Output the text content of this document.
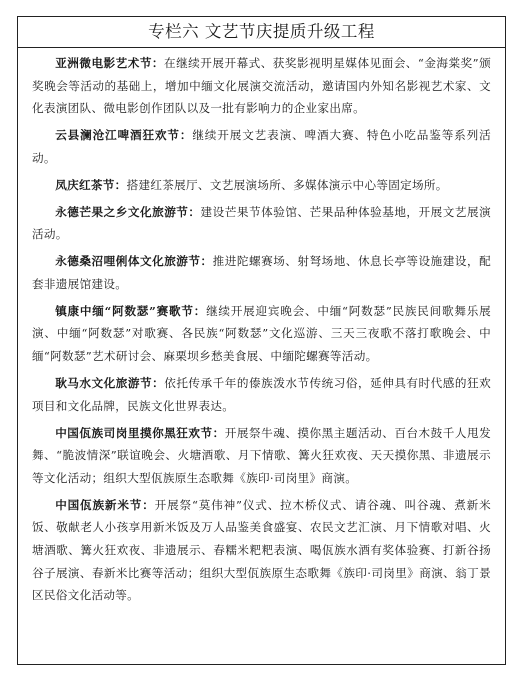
专栏六 文艺节庆提质升级工程

亚洲微电影艺术节：在继续开展开幕式、获奖影视明星媒体见面会、“金海棠奖”颁奖晚会等活动的基础上，增加中缅文化展演交流活动，邀请国内外知名影视艺术家、文化表演团队、微电影创作团队以及一批有影响力的企业家出席。

云县澜沧江啤酒狂欢节：继续开展文艺表演、啤酒大赛、特色小吃品鉴等系列活动。

凤庆红茶节：搭建红茶展厅、文艺展演场所、多媒体演示中心等固定场所。

永德芒果之乡文化旅游节：建设芒果节体验馆、芒果品种体验基地，开展文艺展演活动。

永德桑沼哩俐体文化旅游节：推进陀螺赛场、射弩场地、休息长亭等设施建设，配套非遗展馆建设。

镇康中缅“阿数瑟”赛歌节：继续开展迎宾晚会、中缅“阿数瑟”民族民间歌舞乐展演、中缅“阿数瑟”对歌赛、各民族“阿数瑟”文化巡游、三天三夜歌不落打歌晚会、中缅“阿数瑟”艺术研讨会、麻栗坝乡愁美食展、中缅陀螺赛等活动。

耿马水文化旅游节：依托传承千年的傣族泼水节传统习俗，延伸具有时代感的狂欢项目和文化品牌，民族文化世界表达。

中国佤族司岗里摸你黑狂欢节：开展祭牛魂、摸你黑主题活动、百台木鼓千人甩发舞、“脆波情深”联谊晚会、火塘酒歌、月下情歌、篝火狂欢夜、天天摸你黑、非遗展示等文化活动；组织大型佤族原生态歌舞《族印·司岗里》商演。

中国佤族新米节：开展祭“莫伟神”仪式、拉木桥仪式、请谷魂、叫谷魂、煮新米饭、敬献老人小孩享用新米饭及万人品鉴美食盛宴、农民文艺汇演、月下情歌对唱、火塘酒歌、篝火狂欢夜、非遗展示、春糯米粑粑表演、喝佤族水酒有奖体验赛、打新谷扬谷子展演、春新米比赛等活动；组织大型佤族原生态歌舞《族印·司岗里》商演、翁丁景区民俗文化活动等。
